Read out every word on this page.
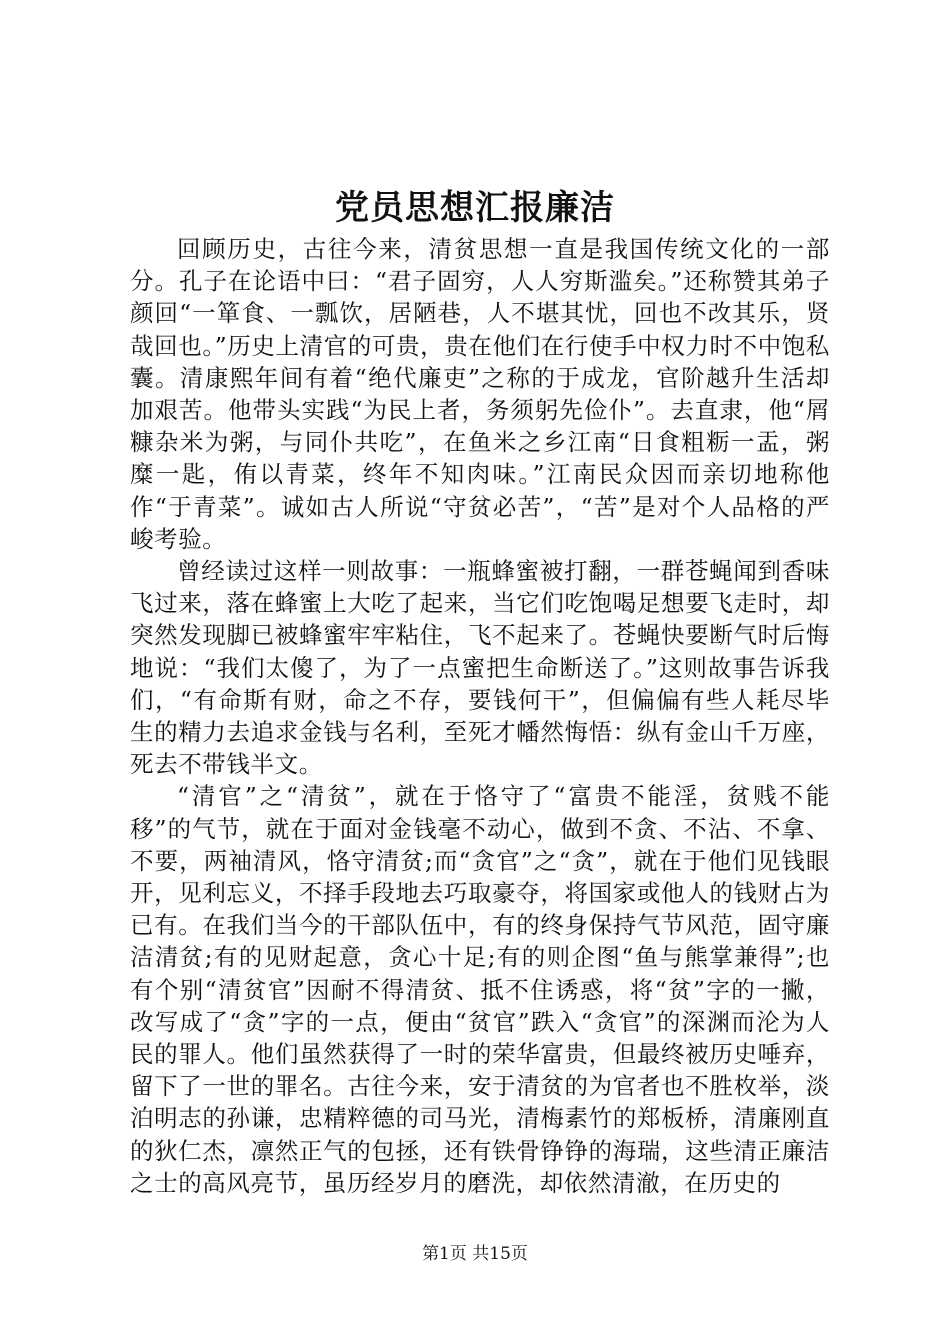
党员思想汇报廉洁

回顾历史，古往今来，清贫思想一直是我国传统文化的一部分。孔子在论语中曰：“君子固穷，人人穷斯滥矣。”还称赞其弟子颜回“一箪食、一瓢饮，居陋巷，人不堪其忧，回也不改其乐，贤哉回也。”历史上清官的可贵，贵在他们在行使手中权力时不中饱私囊。清康熙年间有着“绝代廉吏”之称的于成龙，官阶越升生活却加艰苦。他带头实践“为民上者，务须躬先俭仆”。去直隶，他“屑糠杂米为粥，与同仆共吃”，在鱼米之乡江南“日食粗粝一盂，粥糜一匙，侑以青菜，终年不知肉味。”江南民众因而亲切地称他作“于青菜”。诚如古人所说“守贫必苦”，“苦”是对个人品格的严峻考验。

曾经读过这样一则故事：一瓶蜂蜜被打翻，一群苍蝇闻到香味飞过来，落在蜂蜜上大吃了起来，当它们吃饱喝足想要飞走时，却突然发现脚已被蜂蜜牢牢粘住，飞不起来了。苍蝇快要断气时后悔地说：“我们太傻了，为了一点蜜把生命断送了。”这则故事告诉我们，“有命斯有财，命之不存，要钱何干”，但偏偏有些人耗尽毕生的精力去追求金钱与名利，至死才幡然悔悟：纵有金山千万座，死去不带钱半文。

“清官”之“清贫”，就在于恪守了“富贵不能淫，贫贱不能移”的气节，就在于面对金钱毫不动心，做到不贪、不沾、不拿、不要，两袖清风，恪守清贫;而“贪官”之“贪”，就在于他们见钱眼开，见利忘义，不择手段地去巧取豪夺，将国家或他人的钱财占为已有。在我们当今的干部队伍中，有的终身保持气节风范，固守廉洁清贫;有的见财起意，贪心十足;有的则企图“鱼与熊掌兼得”;也有个别“清贫官”因耐不得清贫、抵不住诱惑，将“贫”字的一撇，改写成了“贪”字的一点，便由“贫官”跌入“贪官”的深渊而沦为人民的罪人。他们虽然获得了一时的荣华富贵，但最终被历史唾弃，留下了一世的罪名。古往今来，安于清贫的为官者也不胜枚举，淡泊明志的孙谦，忠精粹德的司马光，清梅素竹的郑板桥，清廉刚直的狄仁杰，凛然正气的包拯，还有铁骨铮铮的海瑞，这些清正廉洁之士的高风亮节，虽历经岁月的磨洗，却依然清澈，在历史的

第1页 共15页
